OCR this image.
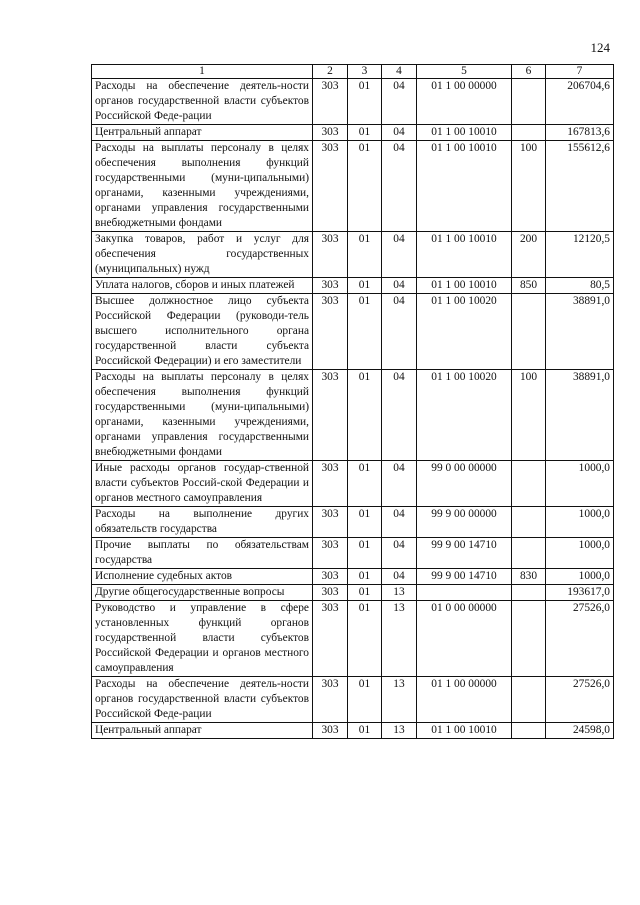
124
1	2	3	4	5	6	7
Расходы на обеспечение деятель-ности органов государственной власти субъектов Российской Феде-рации	303	01	04	01 1 00 00000		206704,6
Центральный аппарат	303	01	04	01 1 00 10010		167813,6
Расходы на выплаты персоналу в целях обеспечения выполнения функций государственными (муни-ципальными) органами, казенными учреждениями, органами управления государственными внебюджетными фондами	303	01	04	01 1 00 10010	100	155612,6
Закупка товаров, работ и услуг для обеспечения государственных (муниципальных) нужд	303	01	04	01 1 00 10010	200	12120,5
Уплата налогов, сборов и иных платежей	303	01	04	01 1 00 10010	850	80,5
Высшее должностное лицо субъекта Российской Федерации (руководи-тель высшего исполнительного органа государственной власти субъекта Российской Федерации) и его заместители	303	01	04	01 1 00 10020		38891,0
Расходы на выплаты персоналу в целях обеспечения выполнения функций государственными (муни-ципальными) органами, казенными учреждениями, органами управления государственными внебюджетными фондами	303	01	04	01 1 00 10020	100	38891,0
Иные расходы органов государ-ственной власти субъектов Россий-ской Федерации и органов местного самоуправления	303	01	04	99 0 00 00000		1000,0
Расходы на выполнение других обязательств государства	303	01	04	99 9 00 00000		1000,0
Прочие выплаты по обязательствам государства	303	01	04	99 9 00 14710		1000,0
Исполнение судебных актов	303	01	04	99 9 00 14710	830	1000,0
Другие общегосударственные вопросы	303	01	13			193617,0
Руководство и управление в сфере установленных функций органов государственной власти субъектов Российской Федерации и органов местного самоуправления	303	01	13	01 0 00 00000		27526,0
Расходы на обеспечение деятель-ности органов государственной власти субъектов Российской Феде-рации	303	01	13	01 1 00 00000		27526,0
Центральный аппарат	303	01	13	01 1 00 10010		24598,0
